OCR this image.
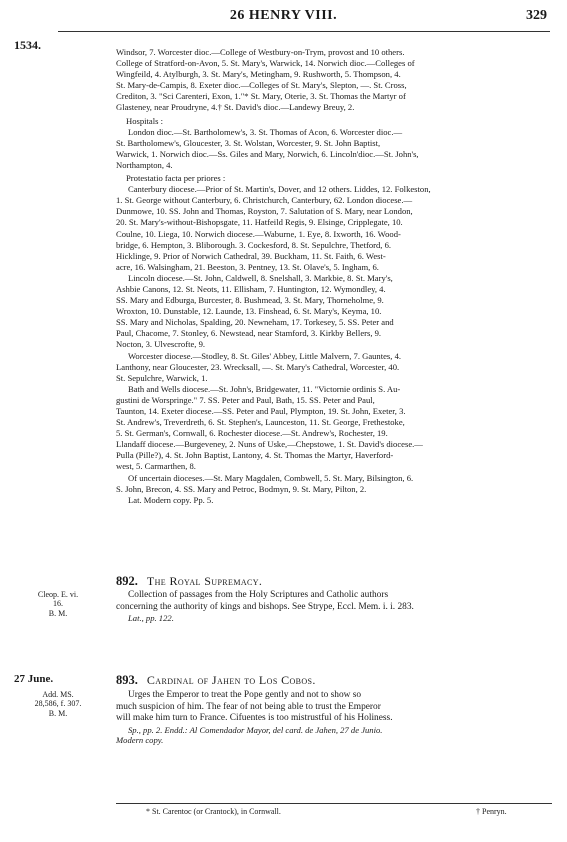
26 HENRY VIII.	329
1534.	Windsor, 7. Worcester dioc.—College of Westbury-on-Trym, provost and 10 others.

College of Stratford-on-Avon, 5. St. Mary's, Warwick, 14. Norwich dioc.—Colleges of

Wingfeild, 4. Atylburgh, 3. St. Mary's, Metingham, 9. Rushworth, 5. Thompson, 4.

St. Mary-de-Campis, 8. Exeter dioc.—Colleges of St. Mary's, Slepton, —. St. Cross,

Crediton, 3. "Sci Carenteri, Exon, 1."* St. Mary, Oterie, 3. St. Thomas the Martyr of

Glasteney, near Proudryne, 4.† St. David's dioc.—Landewy Breuy, 2.

Hospitals :

London dioc.—St. Bartholomew's, 3. St. Thomas of Acon, 6. Worcester dioc.—

St. Bartholomew's, Gloucester, 3. St. Wolstan, Worcester, 9. St. John Baptist,

Warwick, 1. Norwich dioc.—Ss. Giles and Mary, Norwich, 6. Lincoln'dioc.—St. John's,

Northampton, 4.

Protestatio facta per priores :

Canterbury diocese.—Prior of St. Martin's, Dover, and 12 others. Liddes, 12. Folkeston,

1. St. George without Canterbury, 6. Christchurch, Canterbury, 62. London diocese.—

Dunmowe, 10. SS. John and Thomas, Royston, 7. Salutation of S. Mary, near London,

20. St. Mary's-without-Bishopsgate, 11. Hatfeild Regis, 9. Elsinge, Cripplegate, 10.

Coulne, 10. Liega, 10. Norwich diocese.—Waburne, 1. Eye, 8. Ixworth, 16. Wood-

bridge, 6. Hempton, 3. Bliborough. 3. Cockesford, 8. St. Sepulchre, Thetford, 6.

Hicklinge, 9. Prior of Norwich Cathedral, 39. Buckham, 11. St. Faith, 6. West-

acre, 16. Walsingham, 21. Beeston, 3. Pentney, 13. St. Olave's, 5. Ingham, 6.

Lincoln diocese.—St. John, Caldwell, 8. Snelshall, 3. Markbie, 8. St. Mary's,

Ashbie Canons, 12. St. Neots, 11. Ellisham, 7. Huntington, 12. Wymondley, 4.

SS. Mary and Edburga, Burcester, 8. Bushmead, 3. St. Mary, Thorneholme, 9.

Wroxton, 10. Dunstable, 12. Launde, 13. Finshead, 6. St. Mary's, Keyma, 10.

SS. Mary and Nicholas, Spalding, 20. Newneham, 17. Torkesey, 5. SS. Peter and

Paul, Chacome, 7. Stonley, 6. Newstead, near Stamford, 3. Kirkby Bellers, 9.

Nocton, 3. Ulvescrofte, 9.

Worcester diocese.—Stodley, 8. St. Giles' Abbey, Little Malvern, 7. Gauntes, 4.

Lanthony, near Gloucester, 23. Wrecksall, —. St. Mary's Cathedral, Worcester, 40.

St. Sepulchre, Warwick, 1.

Bath and Wells diocese.—St. John's, Bridgewater, 11. "Victornie ordinis S. Au-

gustini de Worspringe." 7. SS. Peter and Paul, Bath, 15. SS. Peter and Paul,

Taunton, 14. Exeter diocese.—SS. Peter and Paul, Plympton, 19. St. John, Exeter, 3.

St. Andrew's, Treverdreth, 6. St. Stephen's, Launceston, 11. St. George, Frethestoke,

5. St. German's, Cornwall, 6. Rochester diocese.—St. Andrew's, Rochester, 19.

Llandaff diocese.—Burgeveney, 2. Nuns of Uske,—Chepstowe, 1. St. David's diocese.—

Pulla (Pille?), 4. St. John Baptist, Lantony, 4. St. Thomas the Martyr, Haverford-

west, 5. Carmarthen, 8.

Of uncertain dioceses.—St. Mary Magdalen, Combwell, 5. St. Mary, Bilsington, 6.

S. John, Brecon, 4. SS. Mary and Petroc, Bodmyn, 9. St. Mary, Pilton, 2.

Lat. Modern copy. Pp. 5.

892. The Royal Supremacy.
Cleop. E. vi.
16.
B. M.

Collection of passages from the Holy Scriptures and Catholic authors

concerning the authority of kings and bishops. See Strype, Eccl. Mem. i. i. 283.

Lat., pp. 122.

27 June.	893. Cardinal of Jahen to Los Cobos.
Add. MS.
28,586, f. 307.
B. M.

Urges the Emperor to treat the Pope gently and not to show so

much suspicion of him. The fear of not being able to trust the Emperor

will make him turn to France. Cifuentes is too mistrustful of his Holiness.

Sp., pp. 2. Endd.: Al Comendador Mayor, del card. de Jahen, 27 de Junio.

Modern copy.

* St. Carentoc (or Crantock), in Cornwall.	† Penryn.
